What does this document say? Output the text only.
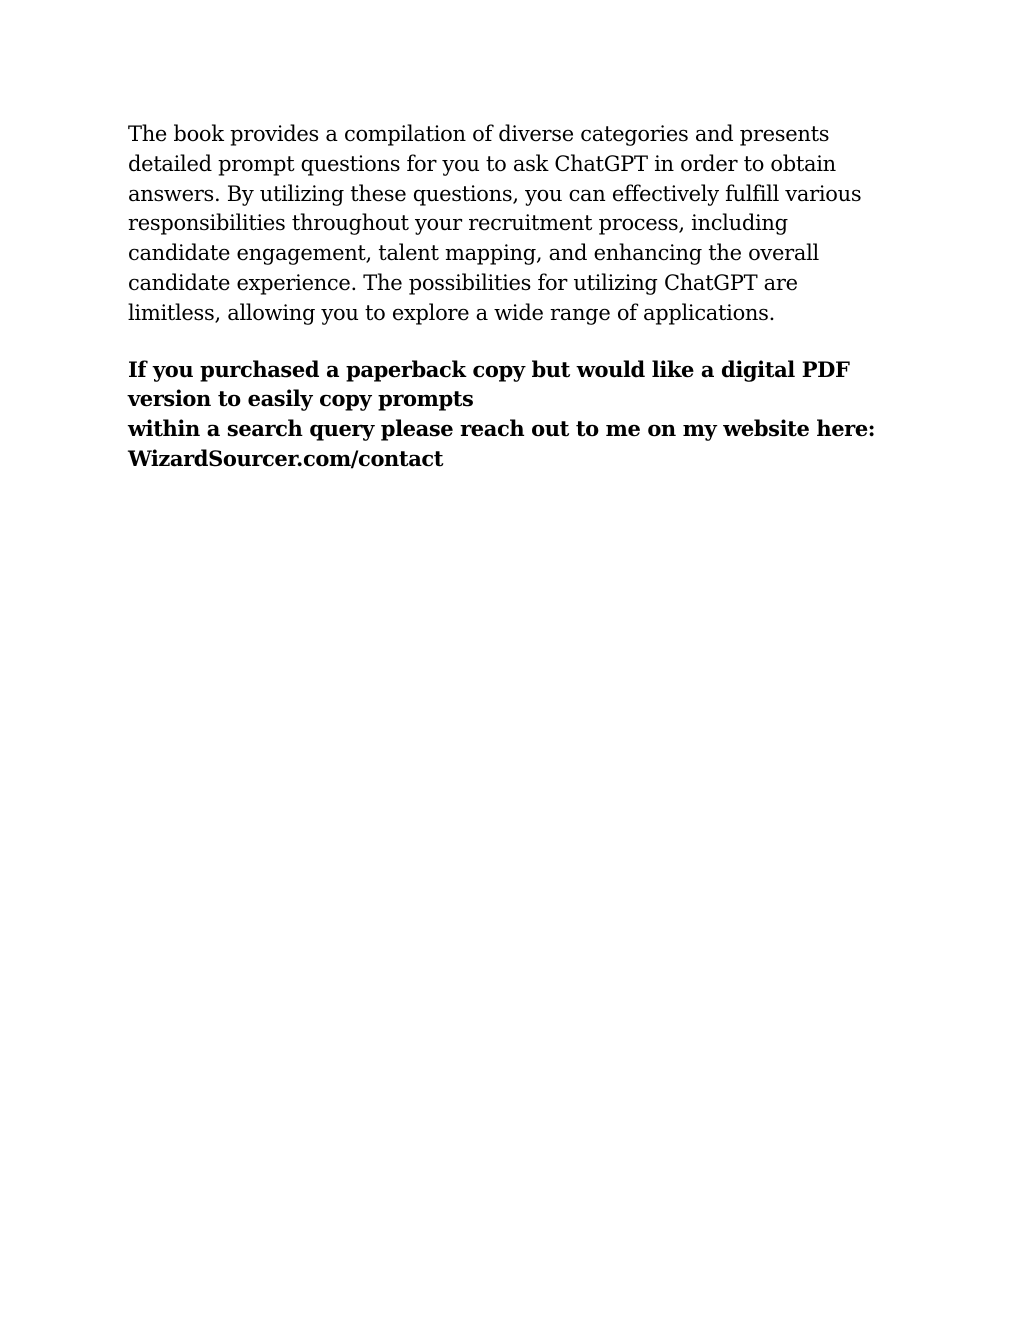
The book provides a compilation of diverse categories and presents
detailed prompt questions for you to ask ChatGPT in order to obtain
answers. By utilizing these questions, you can effectively fulfill various
responsibilities throughout your recruitment process, including
candidate engagement, talent mapping, and enhancing the overall
candidate experience. The possibilities for utilizing ChatGPT are
limitless, allowing you to explore a wide range of applications.

If you purchased a paperback copy but would like a digital PDF
version to easily copy prompts
within a search query please reach out to me on my website here:
WizardSourcer.com/contact
